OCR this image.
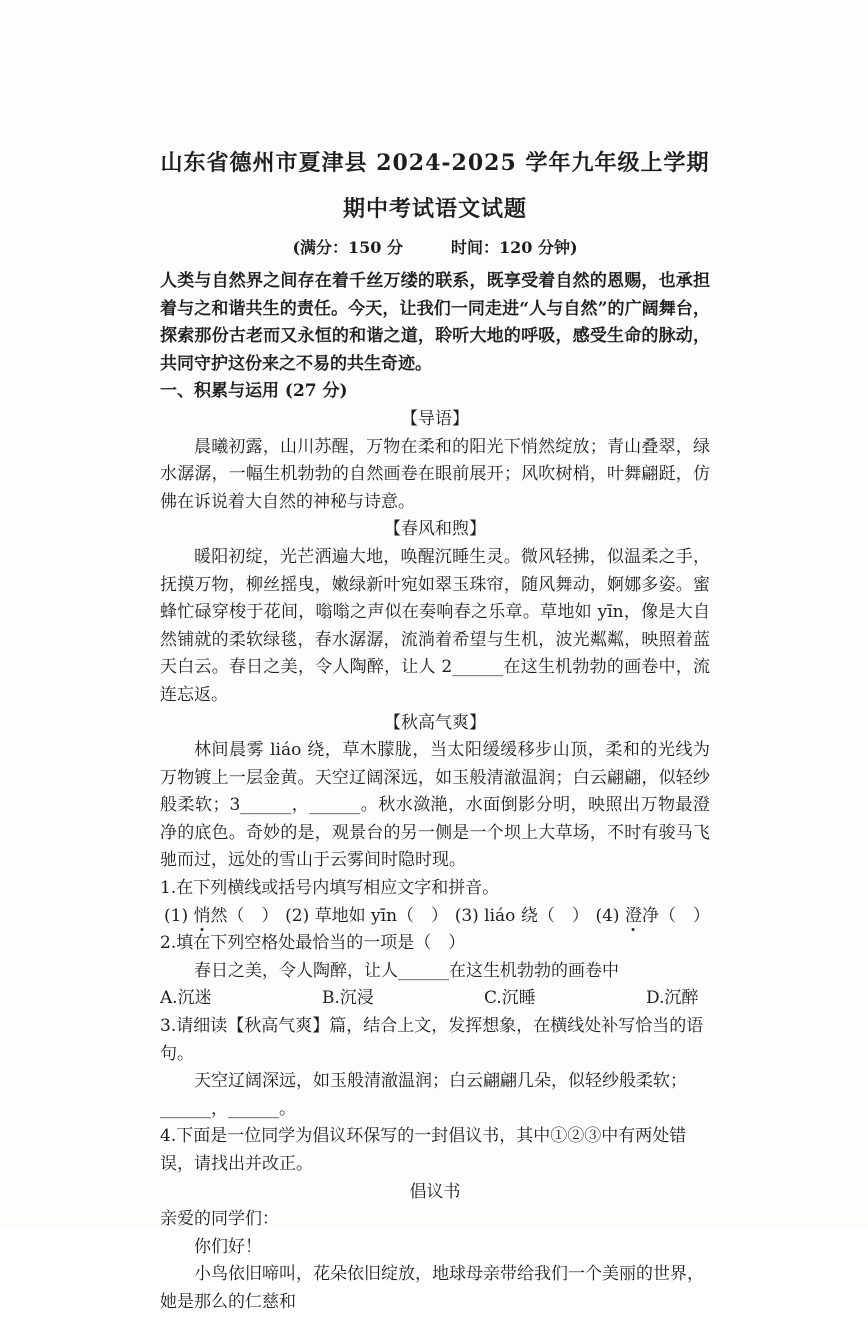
山东省德州市夏津县 2024-2025 学年九年级上学期
期中考试语文试题
(满分：150 分　　　时间：120 分钟)
人类与自然界之间存在着千丝万缕的联系，既享受着自然的恩赐，也承担着与之和谐共生的责任。今天，让我们一同走进“人与自然”的广阔舞台，探索那份古老而又永恒的和谐之道，聆听大地的呼吸，感受生命的脉动，共同守护这份来之不易的共生奇迹。
一、积累与运用 (27 分)
【导语】
晨曦初露，山川苏醒，万物在柔和的阳光下悄然绽放；青山叠翠，绿水潺潺，一幅生机勃勃的自然画卷在眼前展开；风吹树梢，叶舞翩跹，仿佛在诉说着大自然的神秘与诗意。
【春风和煦】
暖阳初绽，光芒洒遍大地，唤醒沉睡生灵。微风轻拂，似温柔之手，抚摸万物，柳丝摇曳，嫩绿新叶宛如翠玉珠帘，随风舞动，婀娜多姿。蜜蜂忙碌穿梭于花间，嗡嗡之声似在奏响春之乐章。草地如 yīn，像是大自然铺就的柔软绿毯，春水潺潺，流淌着希望与生机，波光粼粼，映照着蓝天白云。春日之美，令人陶醉，让人 2______在这生机勃勃的画卷中，流连忘返。
【秋高气爽】
林间晨雾 liáo 绕，草木朦胧，当太阳缓缓移步山顶，柔和的光线为万物镀上一层金黄。天空辽阔深远，如玉般清澈温润；白云翩翩，似轻纱般柔软；3______，______。秋水潋滟，水面倒影分明，映照出万物最澄净的底色。奇妙的是，观景台的另一侧是一个坝上大草场，不时有骏马飞驰而过，远处的雪山于云雾间时隐时现。
1.在下列横线或括号内填写相应文字和拼音。
(1) 悄然（　） (2) 草地如 yīn（　） (3) liáo 绕（　） (4) 澄净（　）
2.填在下列空格处最恰当的一项是（　）
春日之美，令人陶醉，让人______在这生机勃勃的画卷中
A.沉迷	B.沉浸	C.沉睡	D.沉醉
3.请细读【秋高气爽】篇，结合上文，发挥想象，在横线处补写恰当的语句。
天空辽阔深远，如玉般清澈温润；白云翩翩几朵，似轻纱般柔软；______，______。
4.下面是一位同学为倡议环保写的一封倡议书，其中①②③中有两处错误，请找出并改正。
倡议书
亲爱的同学们：
你们好！
小鸟依旧啼叫，花朵依旧绽放，地球母亲带给我们一个美丽的世界，她是那么的仁慈和
